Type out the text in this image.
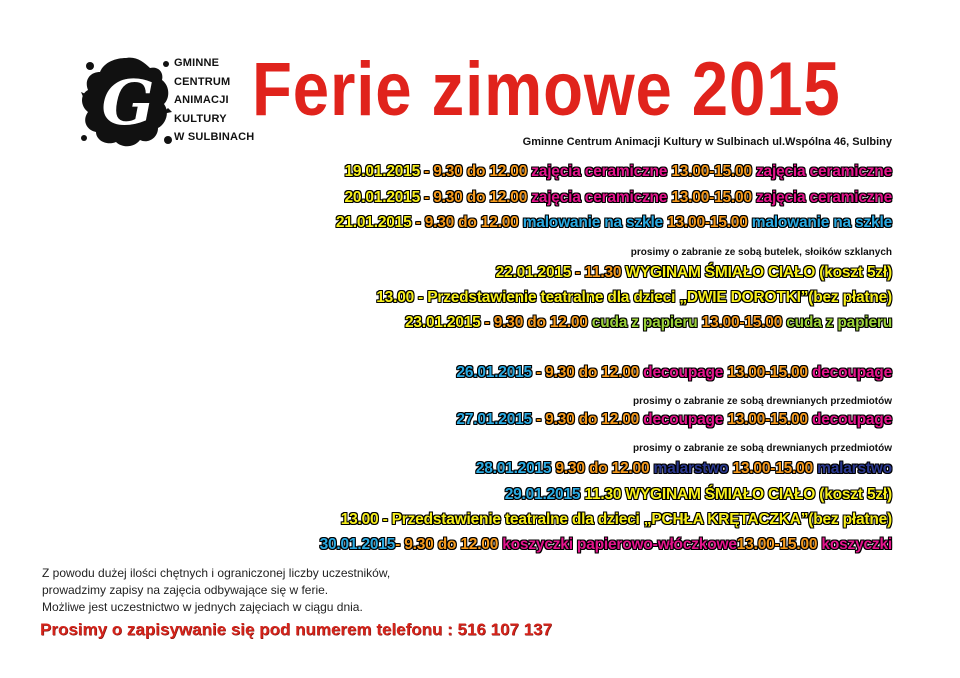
G
GMINNE
CENTRUM
ANIMACJI
KULTURY
W SULBINACH
Ferie zimowe 2015
Gminne Centrum Animacji Kultury w Sulbinach ul.Wspólna 46, Sulbiny
19.01.2015 - 9.30 do 12.00 zajęcia ceramiczne 13.00-15.00 zajęcia ceramiczne
20.01.2015 - 9.30 do 12.00 zajęcia ceramiczne 13.00-15.00 zajęcia ceramiczne
21.01.2015 - 9.30 do 12.00 malowanie na szkle 13.00-15.00 malowanie na szkle
22.01.2015 - 11.30 WYGINAM ŚMIAŁO CIAŁO (koszt 5zł)
13.00 - Przedstawienie teatralne dla dzieci „DWIE DOROTKI”(bez płatne)
23.01.2015 - 9.30 do 12.00 cuda z papieru 13.00-15.00 cuda z papieru
26.01.2015 - 9.30 do 12.00 decoupage 13.00-15.00 decoupage
27.01.2015 - 9.30 do 12.00 decoupage 13.00-15.00 decoupage
28.01.2015 9.30 do 12.00 malarstwo 13.00-15.00 malarstwo
29.01.2015 11.30 WYGINAM ŚMIAŁO CIAŁO (koszt 5zł)
13.00 - Przedstawienie teatralne dla dzieci „PCHŁA KRĘTACZKA”(bez płatne)
30.01.2015- 9.30 do 12.00 koszyczki papierowo-włóczkowe13.00-15.00 koszyczki
prosimy o zabranie ze sobą butelek, słoików szklanych
prosimy o zabranie ze sobą drewnianych przedmiotów
prosimy o zabranie ze sobą drewnianych przedmiotów
Z powodu dużej ilości chętnych i ograniczonej liczby uczestników,
prowadzimy zapisy na zajęcia odbywające się w ferie.
Możliwe jest uczestnictwo w jednych zajęciach w ciągu dnia.
Prosimy o zapisywanie się pod numerem telefonu : 516 107 137
